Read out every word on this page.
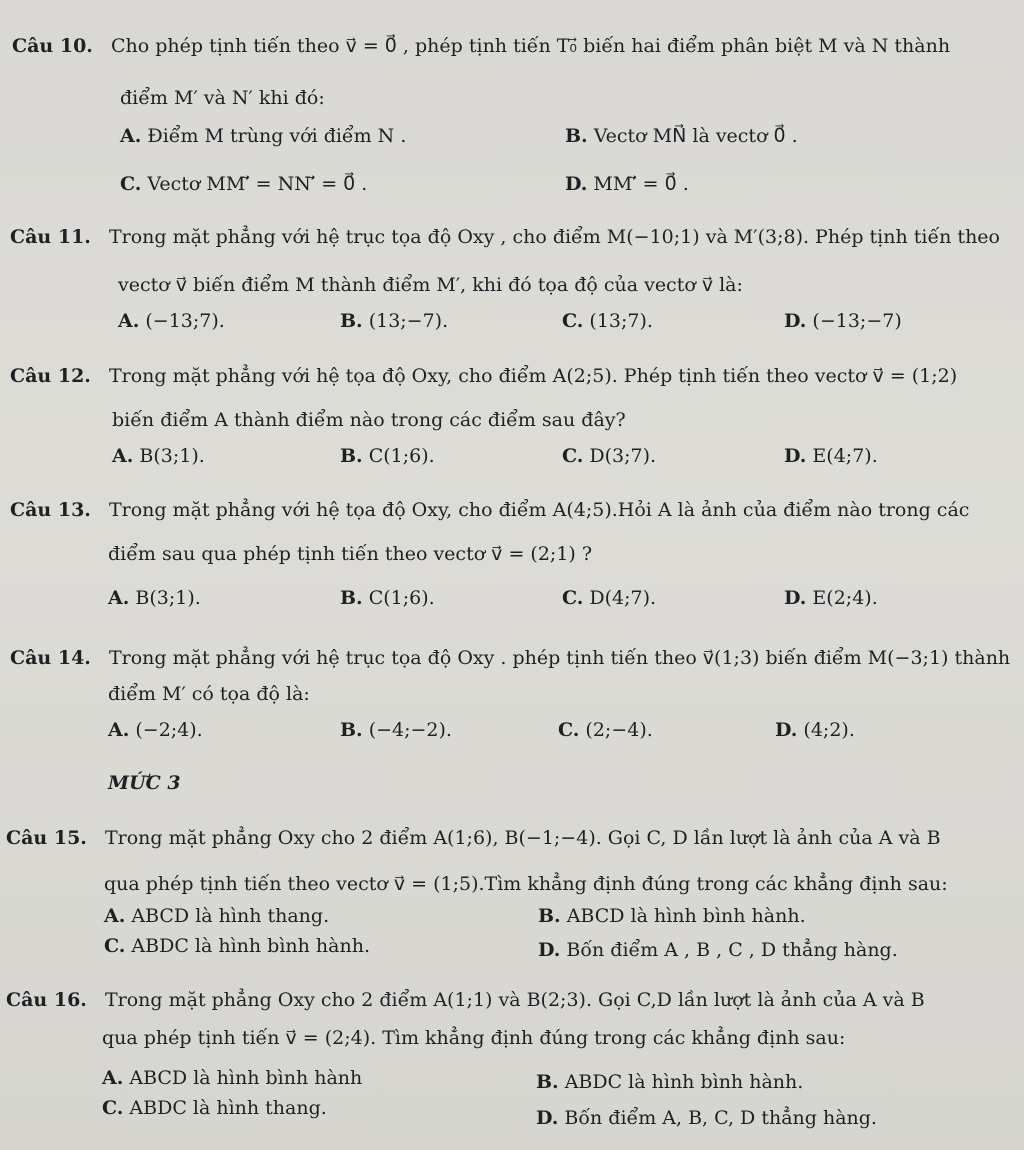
Câu 10. Cho phép tịnh tiến theo v⃗ = 0⃗ , phép tịnh tiến T₀⃗ biến hai điểm phân biệt M và N thành
điểm M′ và N′ khi đó:
A. Điểm M trùng với điểm N .	B. Vectơ MN⃗ là vectơ 0⃗ .
C. Vectơ MM′⃗ = NN′⃗ = 0⃗ .	D. MM′⃗ = 0⃗ .
Câu 11. Trong mặt phẳng với hệ trục tọa độ Oxy , cho điểm M(−10;1) và M′(3;8). Phép tịnh tiến theo
vectơ v⃗ biến điểm M thành điểm M′, khi đó tọa độ của vectơ v⃗ là:
A. (−13;7).	B. (13;−7).	C. (13;7).	D. (−13;−7)
Câu 12. Trong mặt phẳng với hệ tọa độ Oxy, cho điểm A(2;5). Phép tịnh tiến theo vectơ v⃗ = (1;2)
biến điểm A thành điểm nào trong các điểm sau đây?
A. B(3;1).	B. C(1;6).	C. D(3;7).	D. E(4;7).
Câu 13. Trong mặt phẳng với hệ tọa độ Oxy, cho điểm A(4;5).Hỏi A là ảnh của điểm nào trong các
điểm sau qua phép tịnh tiến theo vectơ v⃗ = (2;1) ?
A. B(3;1).	B. C(1;6).	C. D(4;7).	D. E(2;4).
Câu 14. Trong mặt phẳng với hệ trục tọa độ Oxy . phép tịnh tiến theo v⃗(1;3) biến điểm M(−3;1) thành
điểm M′ có tọa độ là:
A. (−2;4).	B. (−4;−2).	C. (2;−4).	D. (4;2).
MỨC 3
Câu 15. Trong mặt phẳng Oxy cho 2 điểm A(1;6), B(−1;−4). Gọi C, D lần lượt là ảnh của A và B
qua phép tịnh tiến theo vectơ v⃗ = (1;5).Tìm khẳng định đúng trong các khẳng định sau:
A. ABCD là hình thang.	B. ABCD là hình bình hành.
C. ABDC là hình bình hành.	D. Bốn điểm A , B , C , D thẳng hàng.
Câu 16. Trong mặt phẳng Oxy cho 2 điểm A(1;1) và B(2;3). Gọi C,D lần lượt là ảnh của A và B
qua phép tịnh tiến v⃗ = (2;4). Tìm khẳng định đúng trong các khẳng định sau:
A. ABCD là hình bình hành	B. ABDC là hình bình hành.
C. ABDC là hình thang.	D. Bốn điểm A, B, C, D thẳng hàng.
